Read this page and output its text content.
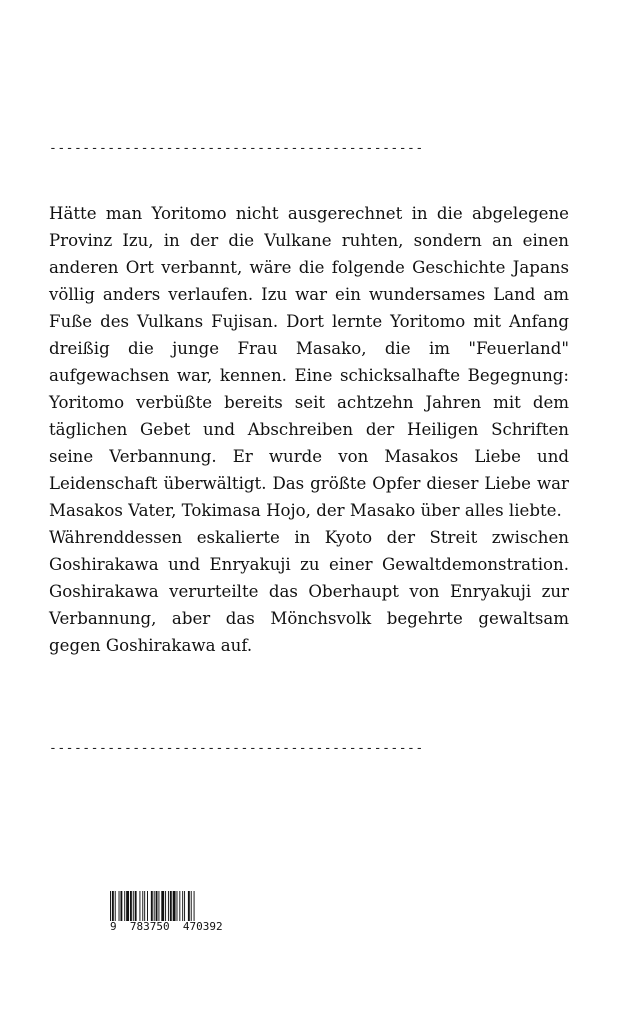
---------------------------------------------

Hätte man Yoritomo nicht ausgerechnet in die abgelegene Provinz Izu, in der die Vulkane ruhten, sondern an einen anderen Ort verbannt, wäre die folgende Geschichte Japans völlig anders verlaufen. Izu war ein wundersames Land am Fuße des Vulkans Fujisan. Dort lernte Yoritomo mit Anfang dreißig die junge Frau Masako, die im "Feuerland" aufgewachsen war, kennen. Eine schicksalhafte Begegnung: Yoritomo verbüßte bereits seit achtzehn Jahren mit dem täglichen Gebet und Abschreiben der Heiligen Schriften seine Verbannung. Er wurde von Masakos Liebe und Leidenschaft überwältigt. Das größte Opfer dieser Liebe war Masakos Vater, Tokimasa Hojo, der Masako über alles liebte.

Währenddessen eskalierte in Kyoto der Streit zwischen Goshirakawa und Enryakuji zu einer Gewaltdemonstration. Goshirakawa verurteilte das Oberhaupt von Enryakuji zur Verbannung, aber das Mönchsvolk begehrte gewaltsam gegen Goshirakawa auf.

---------------------------------------------
9  783750  470392
